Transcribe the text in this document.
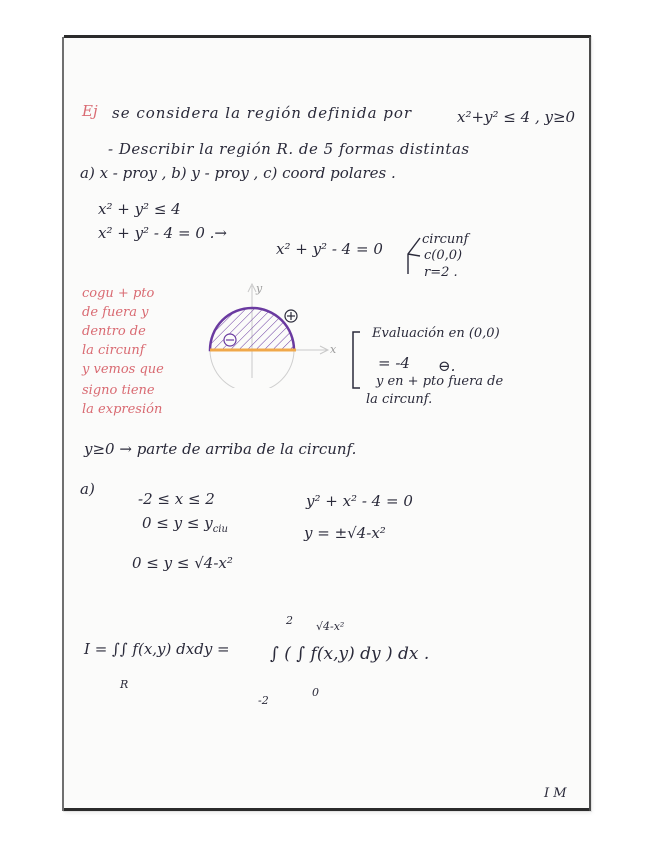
Ej se considera la región definida por	x²+y² ≤ 4 , y≥0
- Describir la región R. de 5 formas distintas
a) x - proy , b) y - proy , c) coord polares .
x² + y² ≤ 4
x² + y² - 4 = 0 .→
x² + y² - 4 = 0
circunf
c(0,0)
r=2 .
cogu + pto
de fuera y
dentro de
la circunf
y vemos que
signo tiene
la expresión
y
x
Evaluación en (0,0)
= -4 ⊖.
y en + pto fuera de
la circunf.
y≥0 → parte de arriba de la circunf.
a)
-2 ≤ x ≤ 2
$0 \le y \le y_{ciu}$
0 ≤ y ≤ √4-x²
y² + x² - 4 = 0
y = ±√4-x²
I = ∫∫ f(x,y) dxdy =
R
2
-2
√4-x²
0
∫ ( ∫ f(x,y) dy ) dx .
I M
